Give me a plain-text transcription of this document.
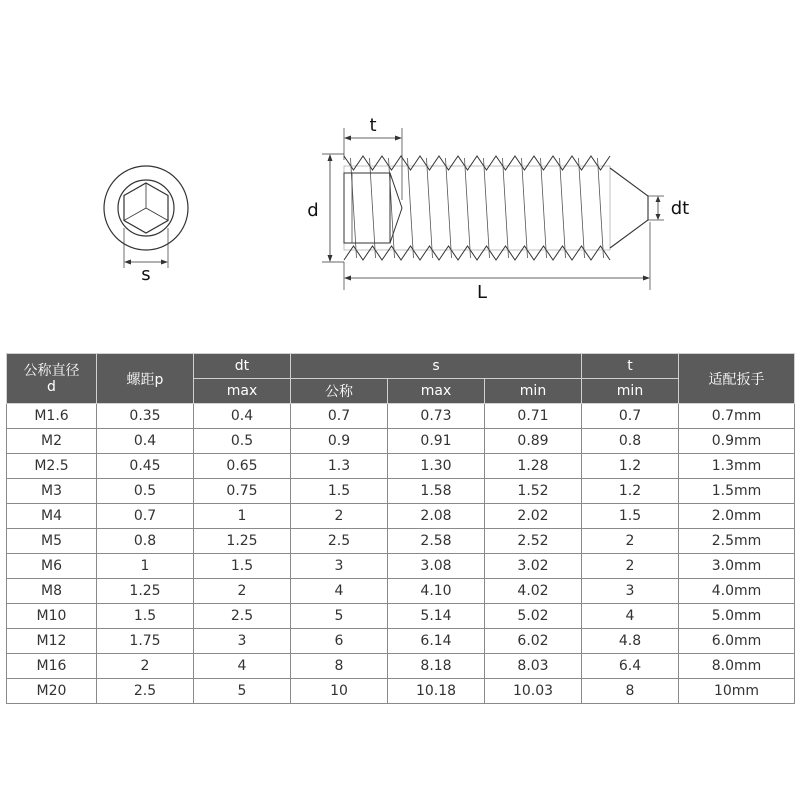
s
t
d	dt
L
公称直径
d	螺距p	dt	s			t	适配扳手
		max	公称	max	min	min	
M1.6	0.35	0.4	0.7	0.73	0.71	0.7	0.7mm
M2	0.4	0.5	0.9	0.91	0.89	0.8	0.9mm
M2.5	0.45	0.65	1.3	1.30	1.28	1.2	1.3mm
M3	0.5	0.75	1.5	1.58	1.52	1.2	1.5mm
M4	0.7	1	2	2.08	2.02	1.5	2.0mm
M5	0.8	1.25	2.5	2.58	2.52	2	2.5mm
M6	1	1.5	3	3.08	3.02	2	3.0mm
M8	1.25	2	4	4.10	4.02	3	4.0mm
M10	1.5	2.5	5	5.14	5.02	4	5.0mm
M12	1.75	3	6	6.14	6.02	4.8	6.0mm
M16	2	4	8	8.18	8.03	6.4	8.0mm
M20	2.5	5	10	10.18	10.03	8	10mm
